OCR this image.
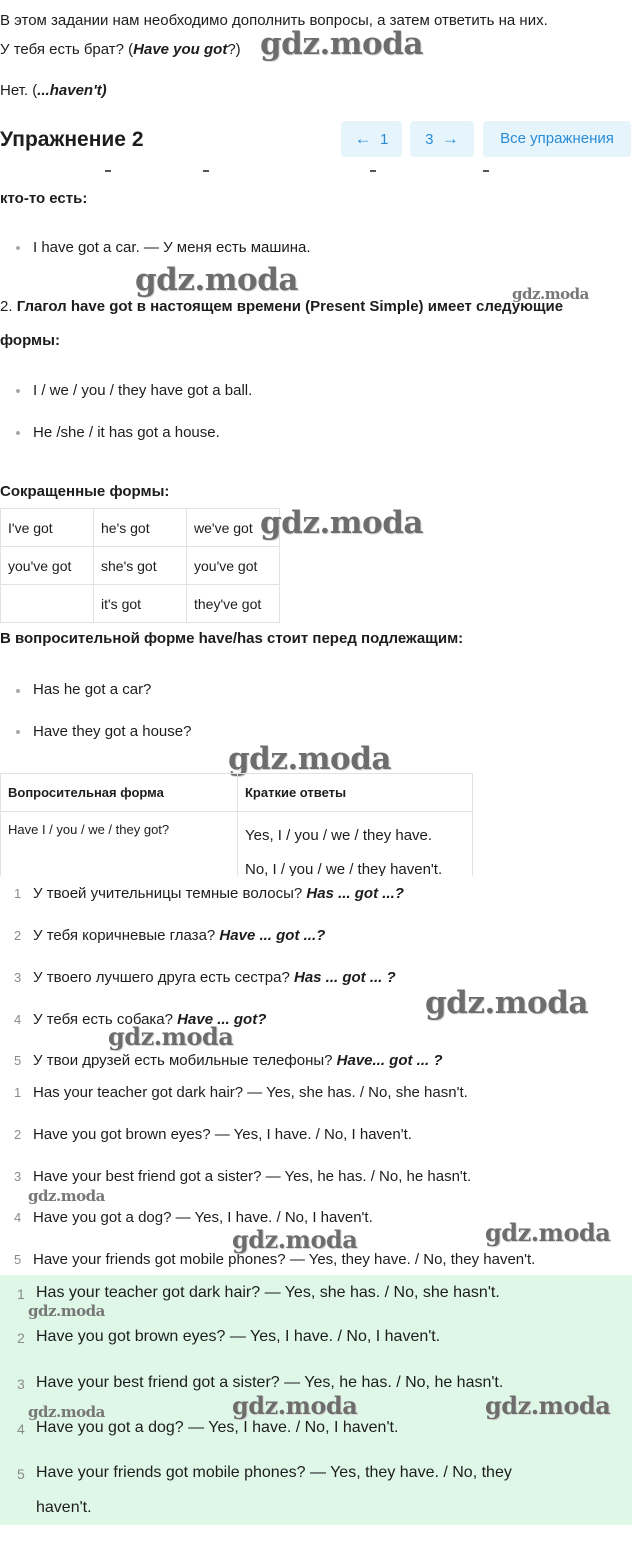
В этом задании нам необходимо дополнить вопросы, а затем ответить на них.
У тебя есть брат? (Have you got?)
Нет. (...haven't)
gdz.moda
Упражнение 2	← 1	3 →	Все упражнения
кто-то есть:
I have got a car. — У меня есть машина.
gdz.moda	gdz.moda
2. Глагол have got в настоящем времени (Present Simple) имеет следующие
формы:
I / we / you / they have got a ball.
He /she / it has got a house.
Сокращенные формы:
I've got	he's got	we've got
you've got	she's got	you've got
	it's got	they've got
gdz.moda
В вопросительной форме have/has стоит перед подлежащим:
Has he got a car?
Have they got a house?
gdz.moda
Вопросительная форма	Краткие ответы
Have I / you / we / they got?	Yes, I / you / we / they have.
No, I / you / we / they haven't.
1 У твоей учительницы темные волосы? Has ... got ...?
2 У тебя коричневые глаза? Have ... got ...?
3 У твоего лучшего друга есть сестра? Has ... got ... ?
4 У тебя есть собака? Have ... got?
5 У твои друзей есть мобильные телефоны? Have... got ... ?
gdz.moda
gdz.moda
1 Has your teacher got dark hair? — Yes, she has. / No, she hasn't.
2 Have you got brown eyes? — Yes, I have. / No, I haven't.
3 Have your best friend got a sister? — Yes, he has. / No, he hasn't.
4 Have you got a dog? — Yes, I have. / No, I haven't.
5 Have your friends got mobile phones? — Yes, they have. / No, they haven't.
gdz.moda
gdz.moda	gdz.moda
1 Has your teacher got dark hair? — Yes, she has. / No, she hasn't.
2 Have you got brown eyes? — Yes, I have. / No, I haven't.
3 Have your best friend got a sister? — Yes, he has. / No, he hasn't.
4 Have you got a dog? — Yes, I have. / No, I haven't.
5 Have your friends got mobile phones? — Yes, they have. / No, they
haven't.
gdz.moda
gdz.moda	gdz.moda
gdz.moda
